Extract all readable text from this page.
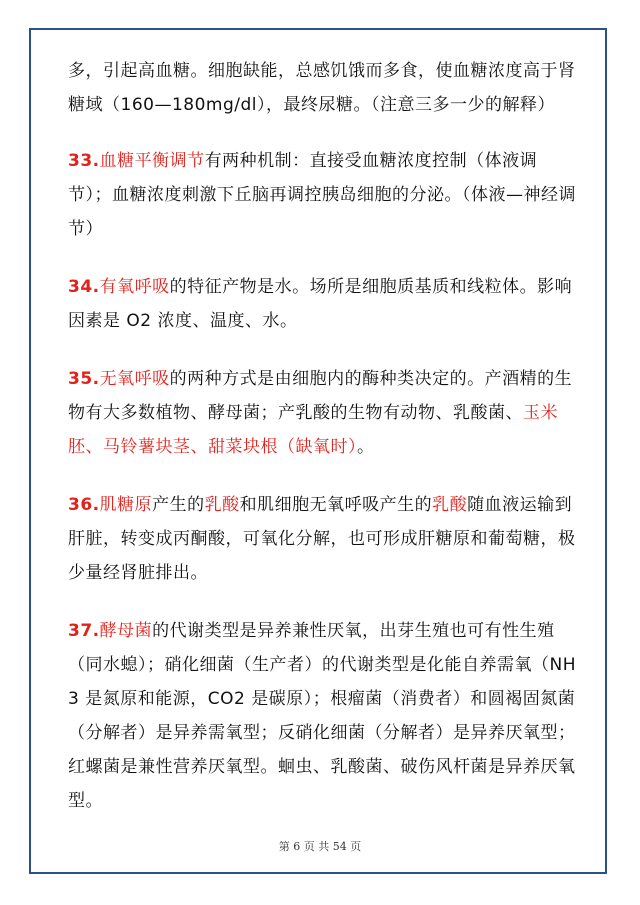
多，引起高血糖。细胞缺能，总感饥饿而多食，使血糖浓度高于肾糖域（160—180mg/dl），最终尿糖。（注意三多一少的解释）

33.血糖平衡调节有两种机制：直接受血糖浓度控制（体液调节）；血糖浓度刺激下丘脑再调控胰岛细胞的分泌。（体液—神经调节）

34.有氧呼吸的特征产物是水。场所是细胞质基质和线粒体。影响因素是 O2 浓度、温度、水。

35.无氧呼吸的两种方式是由细胞内的酶种类决定的。产酒精的生物有大多数植物、酵母菌；产乳酸的生物有动物、乳酸菌、玉米胚、马铃薯块茎、甜菜块根（缺氧时）。

36.肌糖原产生的乳酸和肌细胞无氧呼吸产生的乳酸随血液运输到肝脏，转变成丙酮酸，可氧化分解，也可形成肝糖原和葡萄糖，极少量经肾脏排出。

37.酵母菌的代谢类型是异养兼性厌氧，出芽生殖也可有性生殖（同水螅）；硝化细菌（生产者）的代谢类型是化能自养需氧（NH3 是氮原和能源，CO2 是碳原）；根瘤菌（消费者）和圆褐固氮菌（分解者）是异养需氧型；反硝化细菌（分解者）是异养厌氧型；红螺菌是兼性营养厌氧型。蛔虫、乳酸菌、破伤风杆菌是异养厌氧型。

第 6 页 共 54 页
